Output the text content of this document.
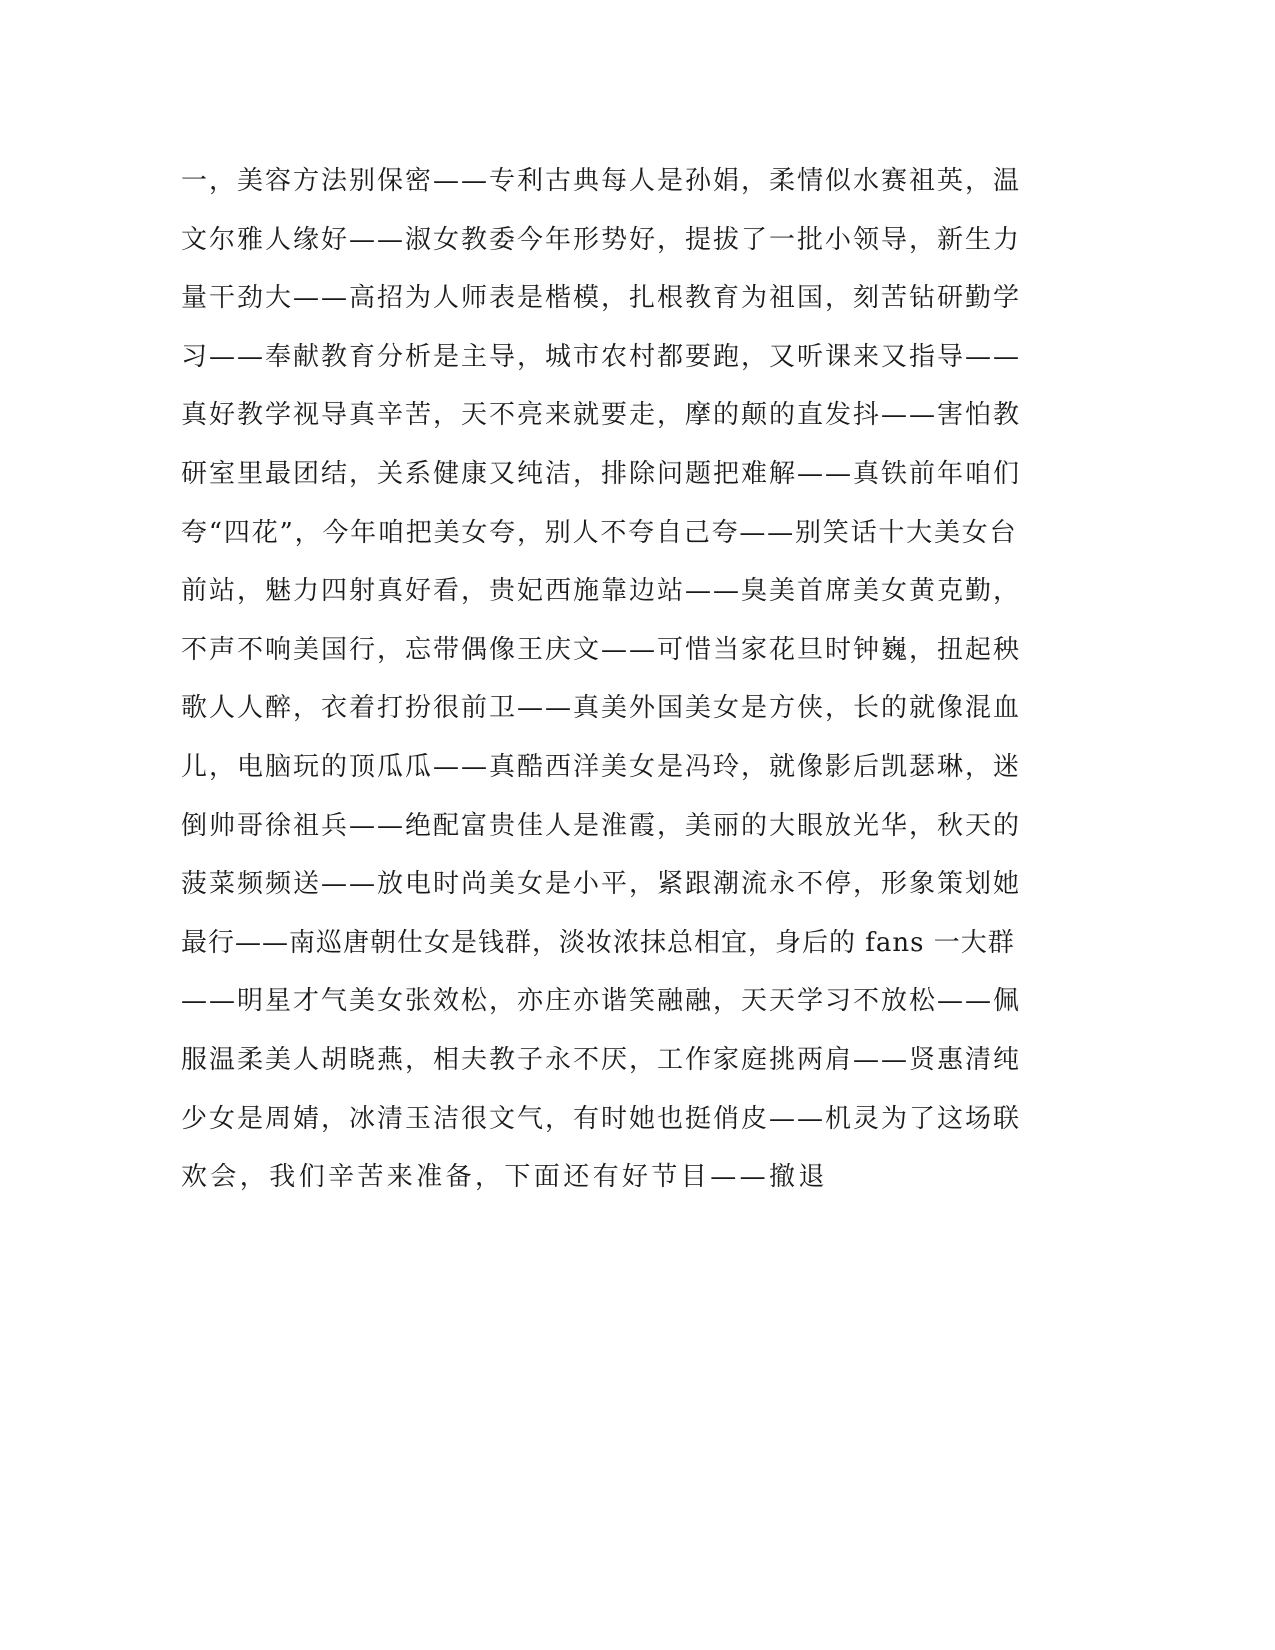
一，美容方法别保密——专利古典每人是孙娟，柔情似水赛祖英，温
文尔雅人缘好——淑女教委今年形势好，提拔了一批小领导，新生力
量干劲大——高招为人师表是楷模，扎根教育为祖国，刻苦钻研勤学
习——奉献教育分析是主导，城市农村都要跑，又听课来又指导——
真好教学视导真辛苦，天不亮来就要走，摩的颠的直发抖——害怕教
研室里最团结，关系健康又纯洁，排除问题把难解——真铁前年咱们
夸“四花”，今年咱把美女夸，别人不夸自己夸——别笑话十大美女台
前站，魅力四射真好看，贵妃西施靠边站——臭美首席美女黄克勤，
不声不响美国行，忘带偶像王庆文——可惜当家花旦时钟巍，扭起秧
歌人人醉，衣着打扮很前卫——真美外国美女是方侠，长的就像混血
儿，电脑玩的顶瓜瓜——真酷西洋美女是冯玲，就像影后凯瑟琳，迷
倒帅哥徐祖兵——绝配富贵佳人是淮霞，美丽的大眼放光华，秋天的
菠菜频频送——放电时尚美女是小平，紧跟潮流永不停，形象策划她
最行——南巡唐朝仕女是钱群，淡妆浓抹总相宜，身后的 fans 一大群
——明星才气美女张效松，亦庄亦谐笑融融，天天学习不放松——佩
服温柔美人胡晓燕，相夫教子永不厌，工作家庭挑两肩——贤惠清纯
少女是周婧，冰清玉洁很文气，有时她也挺俏皮——机灵为了这场联
欢会，我们辛苦来准备，下面还有好节目——撤退
